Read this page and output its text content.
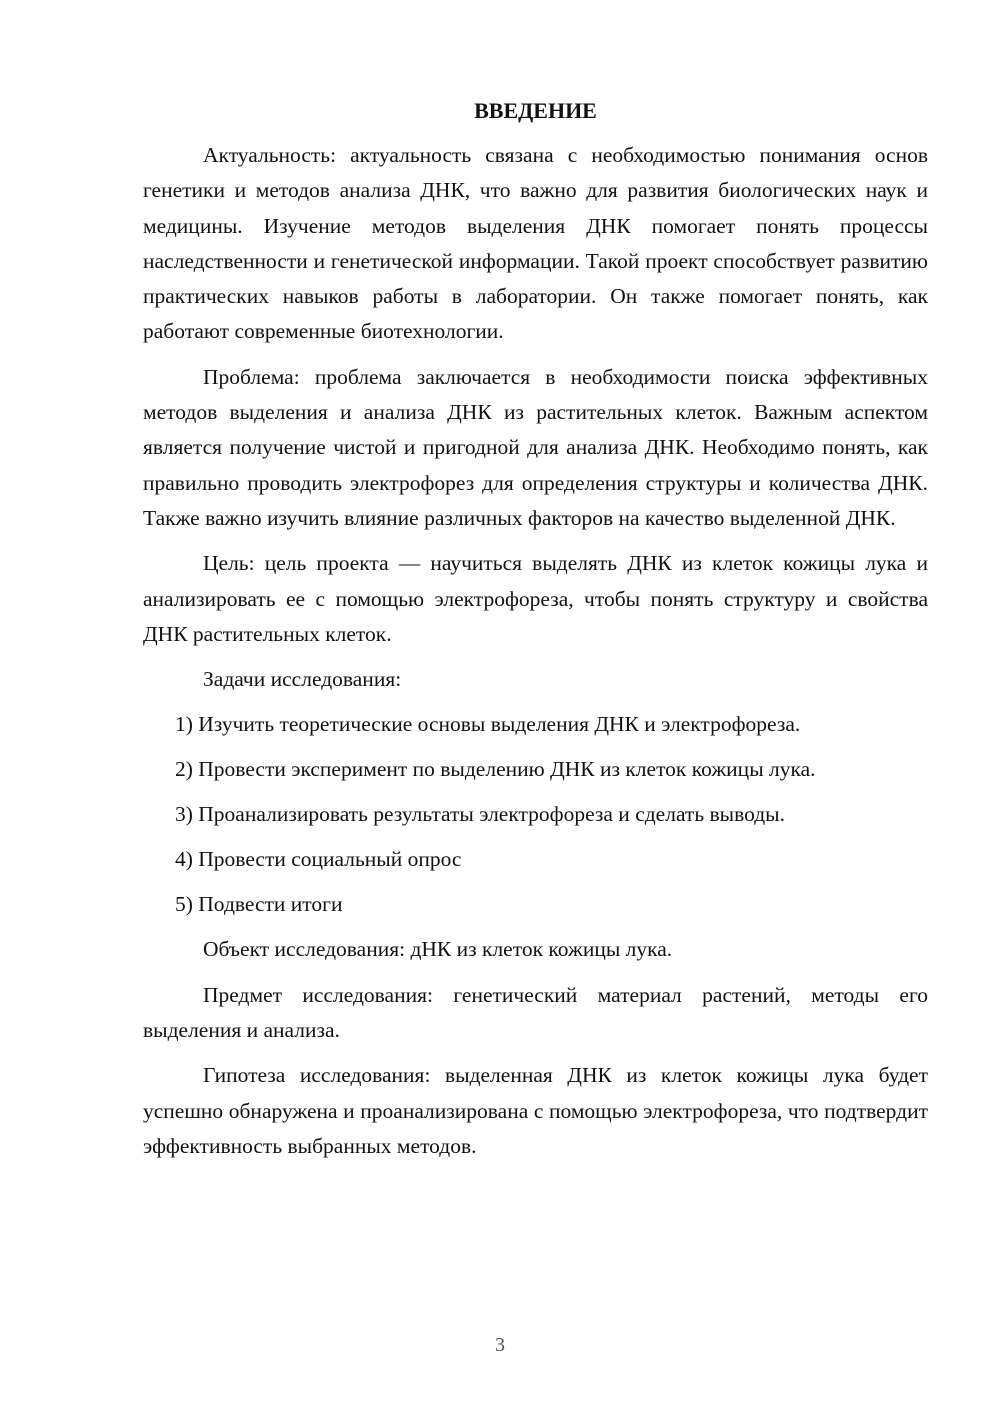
ВВЕДЕНИЕ

Актуальность: актуальность связана с необходимостью понимания основ генетики и методов анализа ДНК, что важно для развития биологических наук и медицины. Изучение методов выделения ДНК помогает понять процессы наследственности и генетической информации. Такой проект способствует развитию практических навыков работы в лаборатории. Он также помогает понять, как работают современные биотехнологии.

Проблема: проблема заключается в необходимости поиска эффективных методов выделения и анализа ДНК из растительных клеток. Важным аспектом является получение чистой и пригодной для анализа ДНК. Необходимо понять, как правильно проводить электрофорез для определения структуры и количества ДНК. Также важно изучить влияние различных факторов на качество выделенной ДНК.

Цель: цель проекта — научиться выделять ДНК из клеток кожицы лука и анализировать ее с помощью электрофореза, чтобы понять структуру и свойства ДНК растительных клеток.

Задачи исследования:

1) Изучить теоретические основы выделения ДНК и электрофореза.
2) Провести эксперимент по выделению ДНК из клеток кожицы лука.
3) Проанализировать результаты электрофореза и сделать выводы.
4) Провести социальный опрос
5) Подвести итоги

Объект исследования: дНК из клеток кожицы лука.

Предмет исследования: генетический материал растений, методы его выделения и анализа.

Гипотеза исследования: выделенная ДНК из клеток кожицы лука будет успешно обнаружена и проанализирована с помощью электрофореза, что подтвердит эффективность выбранных методов.

3
